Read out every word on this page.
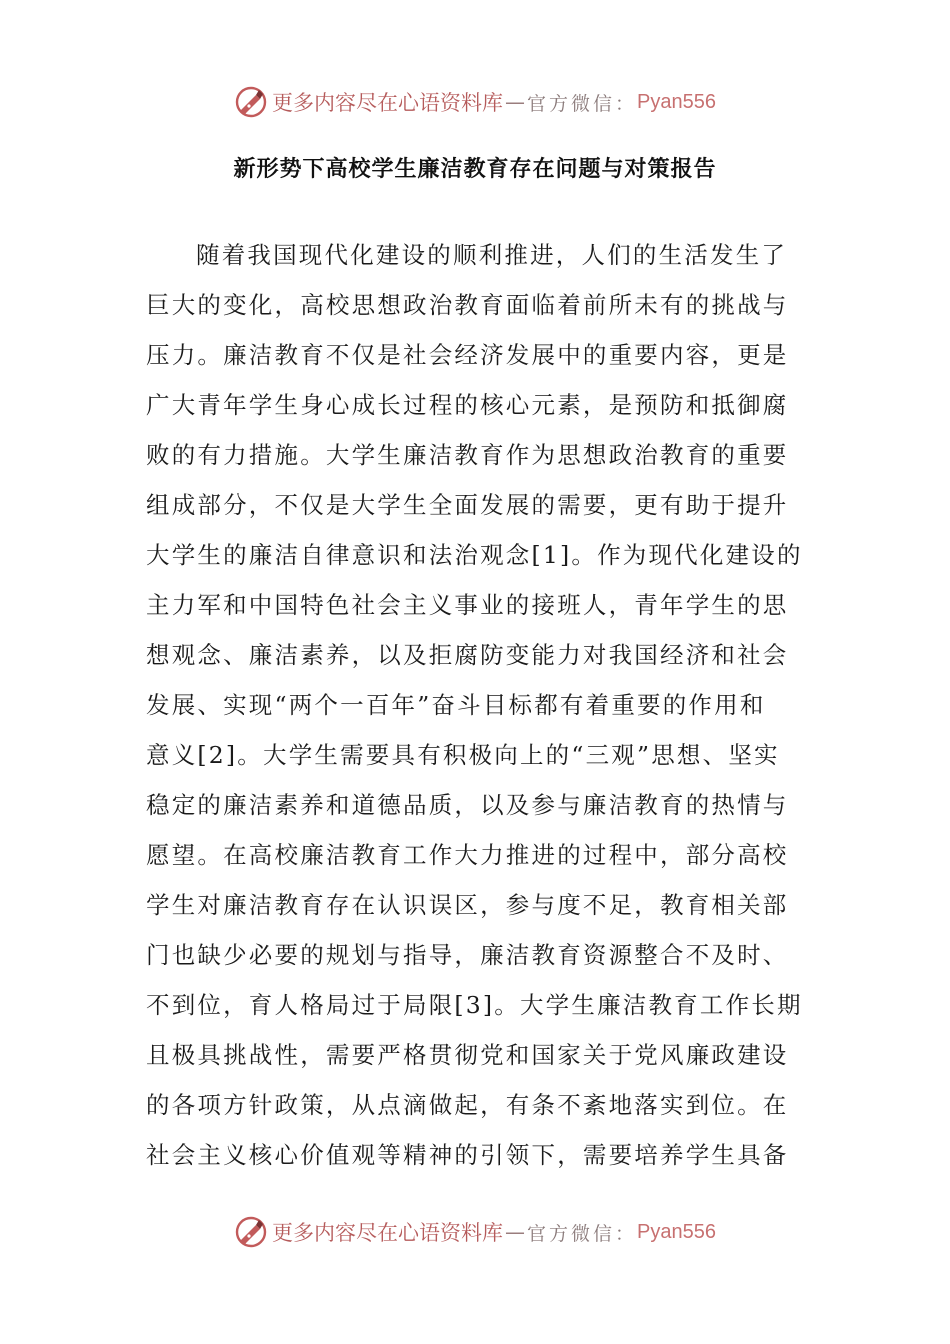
更多内容尽在心语资料库 — 官方微信： Pyan556
新形势下高校学生廉洁教育存在问题与对策报告

随着我国现代化建设的顺利推进，人们的生活发生了
巨大的变化，高校思想政治教育面临着前所未有的挑战与
压力。廉洁教育不仅是社会经济发展中的重要内容，更是
广大青年学生身心成长过程的核心元素，是预防和抵御腐
败的有力措施。大学生廉洁教育作为思想政治教育的重要
组成部分，不仅是大学生全面发展的需要，更有助于提升
大学生的廉洁自律意识和法治观念[1]。作为现代化建设的
主力军和中国特色社会主义事业的接班人，青年学生的思
想观念、廉洁素养，以及拒腐防变能力对我国经济和社会
发展、实现“两个一百年”奋斗目标都有着重要的作用和
意义[2]。大学生需要具有积极向上的“三观”思想、坚实
稳定的廉洁素养和道德品质，以及参与廉洁教育的热情与
愿望。在高校廉洁教育工作大力推进的过程中，部分高校
学生对廉洁教育存在认识误区，参与度不足，教育相关部
门也缺少必要的规划与指导，廉洁教育资源整合不及时、
不到位，育人格局过于局限[3]。大学生廉洁教育工作长期
且极具挑战性，需要严格贯彻党和国家关于党风廉政建设
的各项方针政策，从点滴做起，有条不紊地落实到位。在
社会主义核心价值观等精神的引领下，需要培养学生具备

更多内容尽在心语资料库 — 官方微信： Pyan556
